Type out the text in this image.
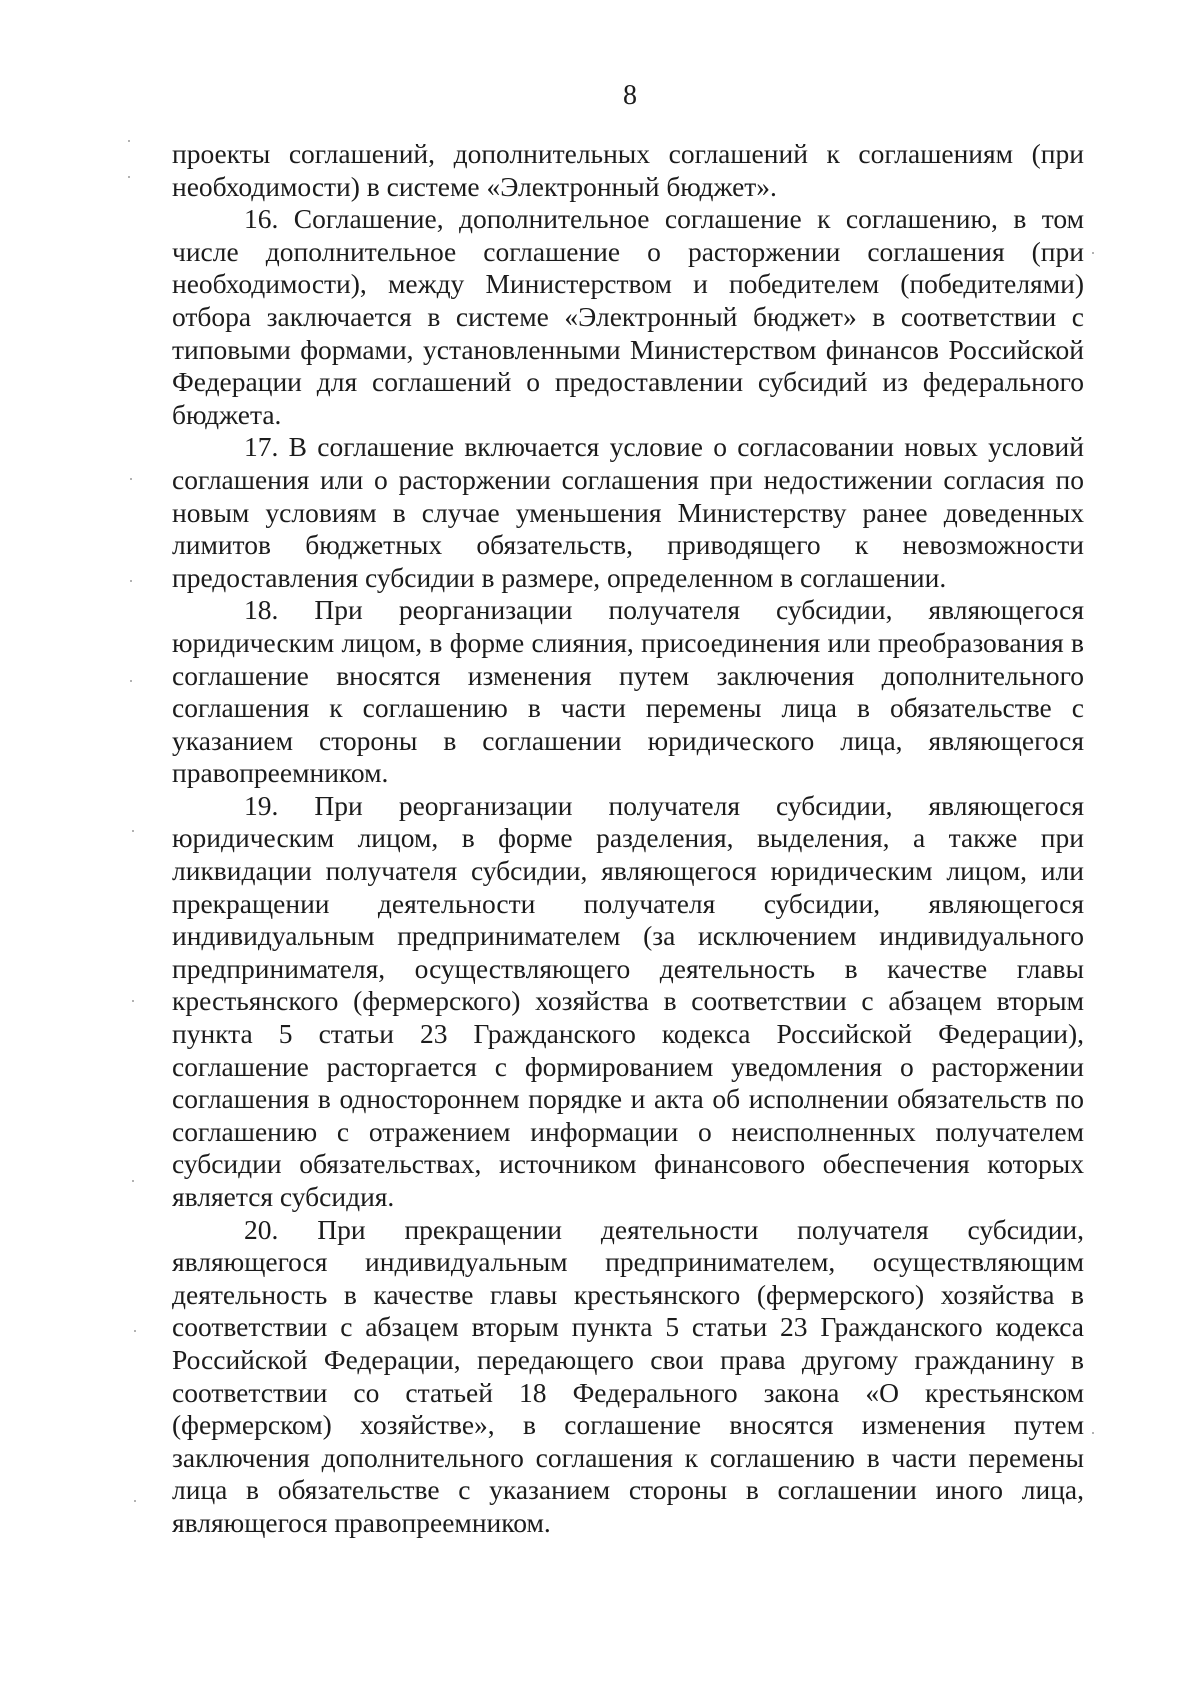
8

проекты соглашений, дополнительных соглашений к соглашениям (при необходимости) в системе «Электронный бюджет».

16. Соглашение, дополнительное соглашение к соглашению, в том числе дополнительное соглашение о расторжении соглашения (при необходимости), между Министерством и победителем (победителями) отбора заключается в системе «Электронный бюджет» в соответствии с типовыми формами, установленными Министерством финансов Российской Федерации для соглашений о предоставлении субсидий из федерального бюджета.

17. В соглашение включается условие о согласовании новых условий соглашения или о расторжении соглашения при недостижении согласия по новым условиям в случае уменьшения Министерству ранее доведенных лимитов бюджетных обязательств, приводящего к невозможности предоставления субсидии в размере, определенном в соглашении.

18. При реорганизации получателя субсидии, являющегося юридическим лицом, в форме слияния, присоединения или преобразования в соглашение вносятся изменения путем заключения дополнительного соглашения к соглашению в части перемены лица в обязательстве с указанием стороны в соглашении юридического лица, являющегося правопреемником.

19. При реорганизации получателя субсидии, являющегося юридическим лицом, в форме разделения, выделения, а также при ликвидации получателя субсидии, являющегося юридическим лицом, или прекращении деятельности получателя субсидии, являющегося индивидуальным предпринимателем (за исключением индивидуального предпринимателя, осуществляющего деятельность в качестве главы крестьянского (фермерского) хозяйства в соответствии с абзацем вторым пункта 5 статьи 23 Гражданского кодекса Российской Федерации), соглашение расторгается с формированием уведомления о расторжении соглашения в одностороннем порядке и акта об исполнении обязательств по соглашению с отражением информации о неисполненных получателем субсидии обязательствах, источником финансового обеспечения которых является субсидия.

20. При прекращении деятельности получателя субсидии, являющегося индивидуальным предпринимателем, осуществляющим деятельность в качестве главы крестьянского (фермерского) хозяйства в соответствии с абзацем вторым пункта 5 статьи 23 Гражданского кодекса Российской Федерации, передающего свои права другому гражданину в соответствии со статьей 18 Федерального закона «О крестьянском (фермерском) хозяйстве», в соглашение вносятся изменения путем заключения дополнительного соглашения к соглашению в части перемены лица в обязательстве с указанием стороны в соглашении иного лица, являющегося правопреемником.
